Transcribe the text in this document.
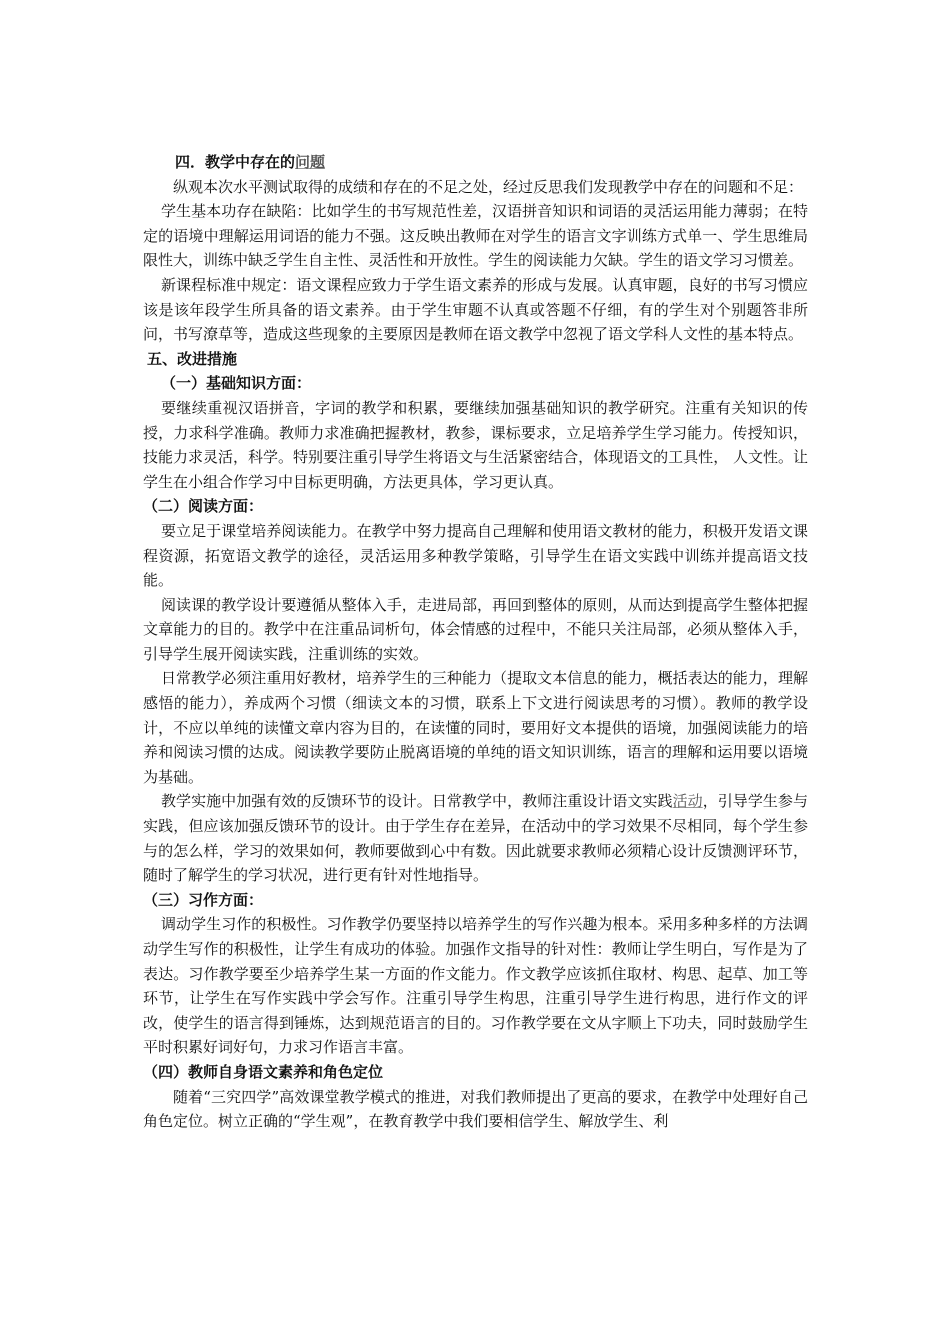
四．教学中存在的问题

纵观本次水平测试取得的成绩和存在的不足之处，经过反思我们发现教学中存在的问题和不足：

学生基本功存在缺陷：比如学生的书写规范性差，汉语拼音知识和词语的灵活运用能力薄弱；在特定的语境中理解运用词语的能力不强。这反映出教师在对学生的语言文字训练方式单一、学生思维局限性大，训练中缺乏学生自主性、灵活性和开放性。学生的阅读能力欠缺。学生的语文学习习惯差。

新课程标准中规定：语文课程应致力于学生语文素养的形成与发展。认真审题，良好的书写习惯应该是该年段学生所具备的语文素养。由于学生审题不认真或答题不仔细，有的学生对个别题答非所问，书写潦草等，造成这些现象的主要原因是教师在语文教学中忽视了语文学科人文性的基本特点。

五、改进措施

（一）基础知识方面：

要继续重视汉语拼音，字词的教学和积累，要继续加强基础知识的教学研究。注重有关知识的传授，力求科学准确。教师力求准确把握教材，教参，课标要求，立足培养学生学习能力。传授知识，技能力求灵活，科学。特别要注重引导学生将语文与生活紧密结合，体现语文的工具性， 人文性。让学生在小组合作学习中目标更明确，方法更具体，学习更认真。

（二）阅读方面：

要立足于课堂培养阅读能力。在教学中努力提高自己理解和使用语文教材的能力，积极开发语文课程资源，拓宽语文教学的途径，灵活运用多种教学策略，引导学生在语文实践中训练并提高语文技能。

阅读课的教学设计要遵循从整体入手，走进局部，再回到整体的原则，从而达到提高学生整体把握文章能力的目的。教学中在注重品词析句，体会情感的过程中，不能只关注局部，必须从整体入手，引导学生展开阅读实践，注重训练的实效。

日常教学必须注重用好教材，培养学生的三种能力（提取文本信息的能力，概括表达的能力，理解感悟的能力），养成两个习惯（细读文本的习惯，联系上下文进行阅读思考的习惯）。教师的教学设计，不应以单纯的读懂文章内容为目的，在读懂的同时，要用好文本提供的语境，加强阅读能力的培养和阅读习惯的达成。阅读教学要防止脱离语境的单纯的语文知识训练，语言的理解和运用要以语境为基础。

教学实施中加强有效的反馈环节的设计。日常教学中，教师注重设计语文实践活动，引导学生参与实践，但应该加强反馈环节的设计。由于学生存在差异，在活动中的学习效果不尽相同，每个学生参与的怎么样，学习的效果如何，教师要做到心中有数。因此就要求教师必须精心设计反馈测评环节，随时了解学生的学习状况，进行更有针对性地指导。

（三）习作方面：

调动学生习作的积极性。习作教学仍要坚持以培养学生的写作兴趣为根本。采用多种多样的方法调动学生写作的积极性，让学生有成功的体验。加强作文指导的针对性：教师让学生明白，写作是为了表达。习作教学要至少培养学生某一方面的作文能力。作文教学应该抓住取材、构思、起草、加工等环节，让学生在写作实践中学会写作。注重引导学生构思，注重引导学生进行构思，进行作文的评改，使学生的语言得到锤炼，达到规范语言的目的。习作教学要在文从字顺上下功夫，同时鼓励学生平时积累好词好句，力求习作语言丰富。

（四）教师自身语文素养和角色定位

随着“三究四学”高效课堂教学模式的推进，对我们教师提出了更高的要求，在教学中处理好自己角色定位。树立正确的“学生观”，在教育教学中我们要相信学生、解放学生、利
